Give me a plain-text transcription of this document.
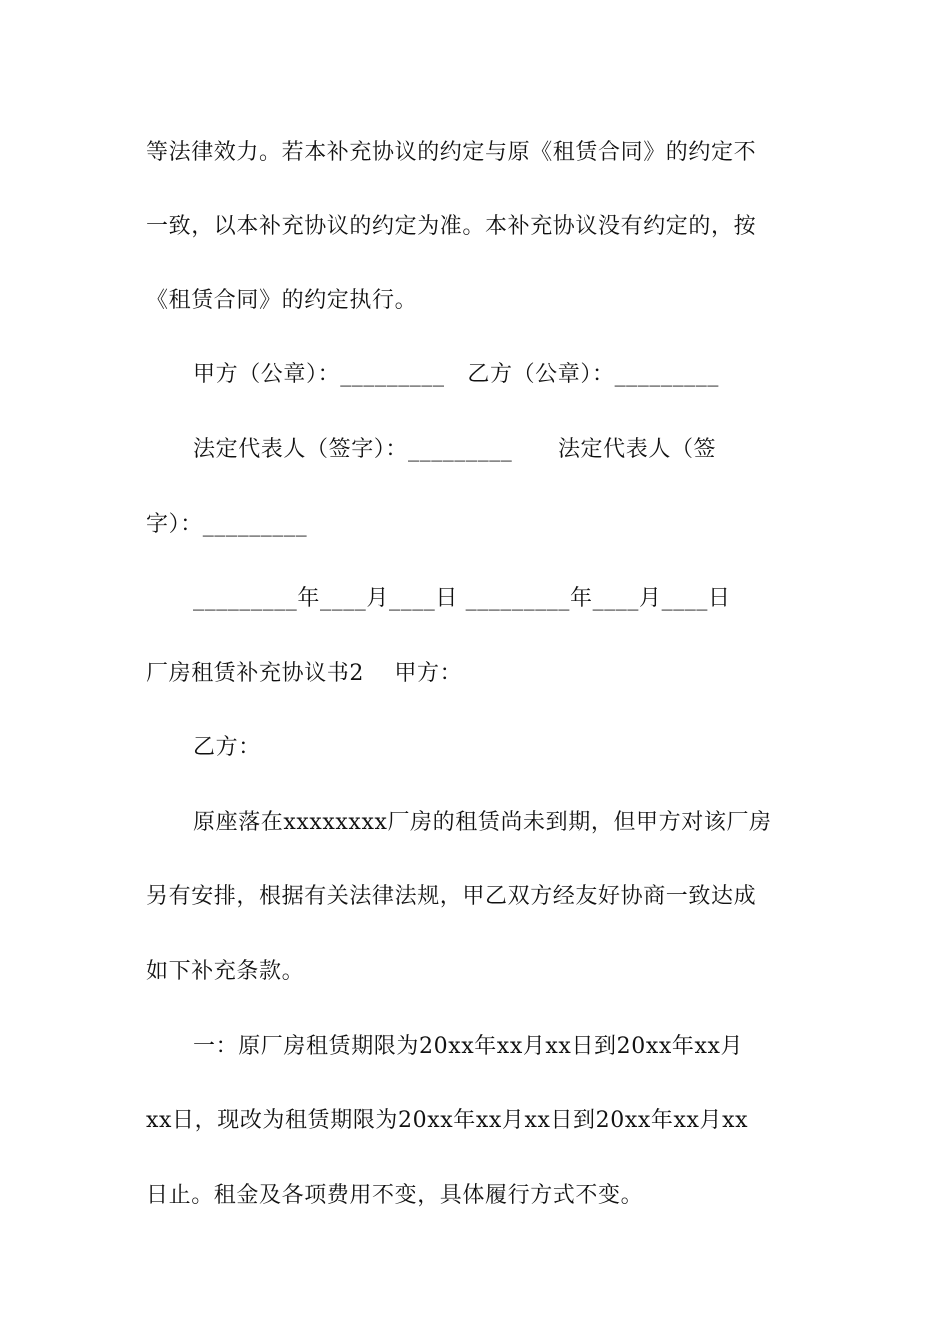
等法律效力。若本补充协议的约定与原《租赁合同》的约定不
一致，以本补充协议的约定为准。本补充协议没有约定的，按
《租赁合同》的约定执行。
甲方（公章）：_________   乙方（公章）：_________
法定代表人（签字）：_________      法定代表人（签
字）：_________
_________年____月____日 _________年____月____日
厂房租赁补充协议书2    甲方：
乙方：
原座落在xxxxxxxx厂房的租赁尚未到期，但甲方对该厂房
另有安排，根据有关法律法规，甲乙双方经友好协商一致达成
如下补充条款。
一：原厂房租赁期限为20xx年xx月xx日到20xx年xx月
xx日，现改为租赁期限为20xx年xx月xx日到20xx年xx月xx
日止。租金及各项费用不变，具体履行方式不变。
